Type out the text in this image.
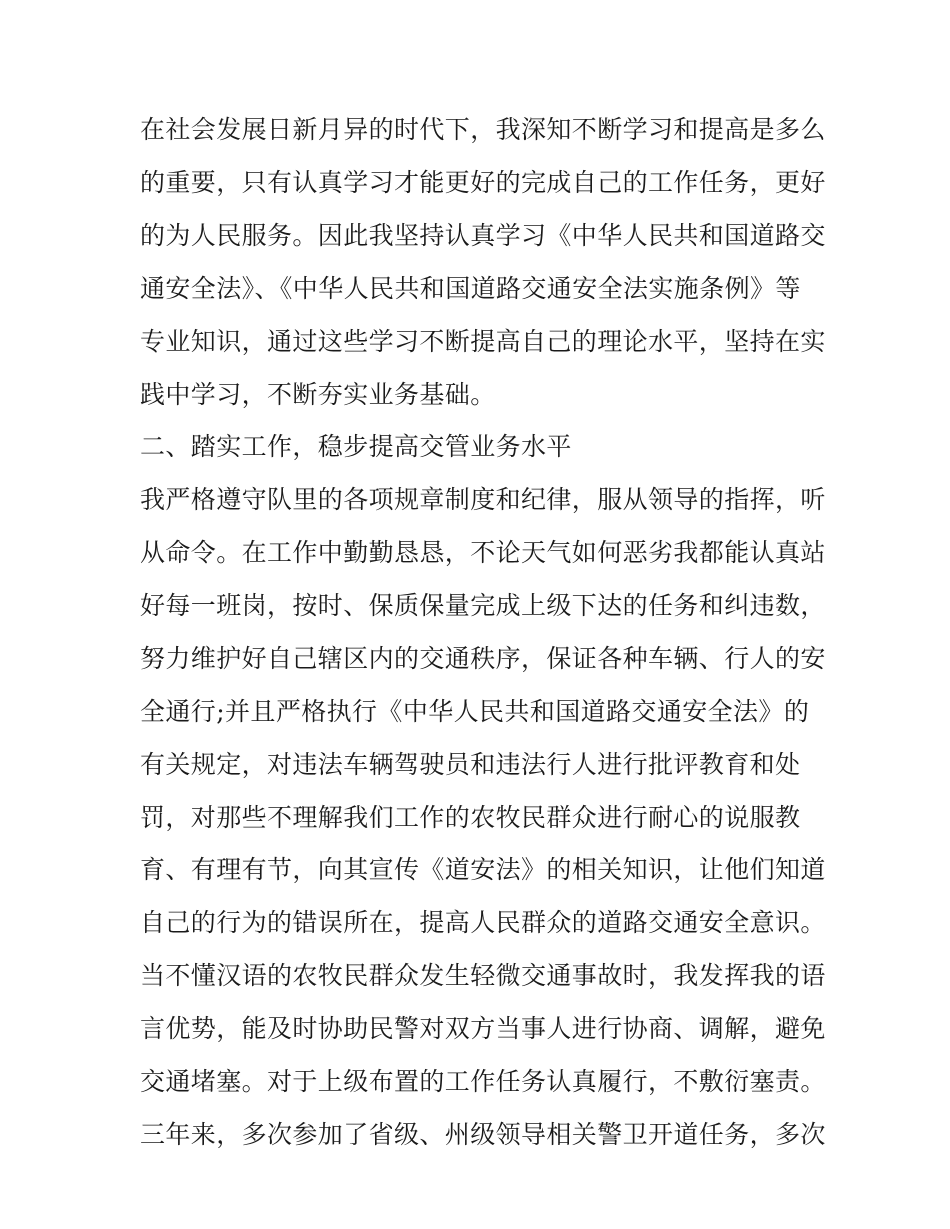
在社会发展日新月异的时代下，我深知不断学习和提高是多么
的重要，只有认真学习才能更好的完成自己的工作任务，更好
的为人民服务。因此我坚持认真学习《中华人民共和国道路交
通安全法》、《中华人民共和国道路交通安全法实施条例》等
专业知识，通过这些学习不断提高自己的理论水平，坚持在实
践中学习，不断夯实业务基础。
二、踏实工作，稳步提高交管业务水平
我严格遵守队里的各项规章制度和纪律，服从领导的指挥，听
从命令。在工作中勤勤恳恳，不论天气如何恶劣我都能认真站
好每一班岗，按时、保质保量完成上级下达的任务和纠违数，
努力维护好自己辖区内的交通秩序，保证各种车辆、行人的安
全通行;并且严格执行《中华人民共和国道路交通安全法》的
有关规定，对违法车辆驾驶员和违法行人进行批评教育和处
罚，对那些不理解我们工作的农牧民群众进行耐心的说服教
育、有理有节，向其宣传《道安法》的相关知识，让他们知道
自己的行为的错误所在，提高人民群众的道路交通安全意识。
当不懂汉语的农牧民群众发生轻微交通事故时，我发挥我的语
言优势，能及时协助民警对双方当事人进行协商、调解，避免
交通堵塞。对于上级布置的工作任务认真履行，不敷衍塞责。
三年来，多次参加了省级、州级领导相关警卫开道任务，多次
